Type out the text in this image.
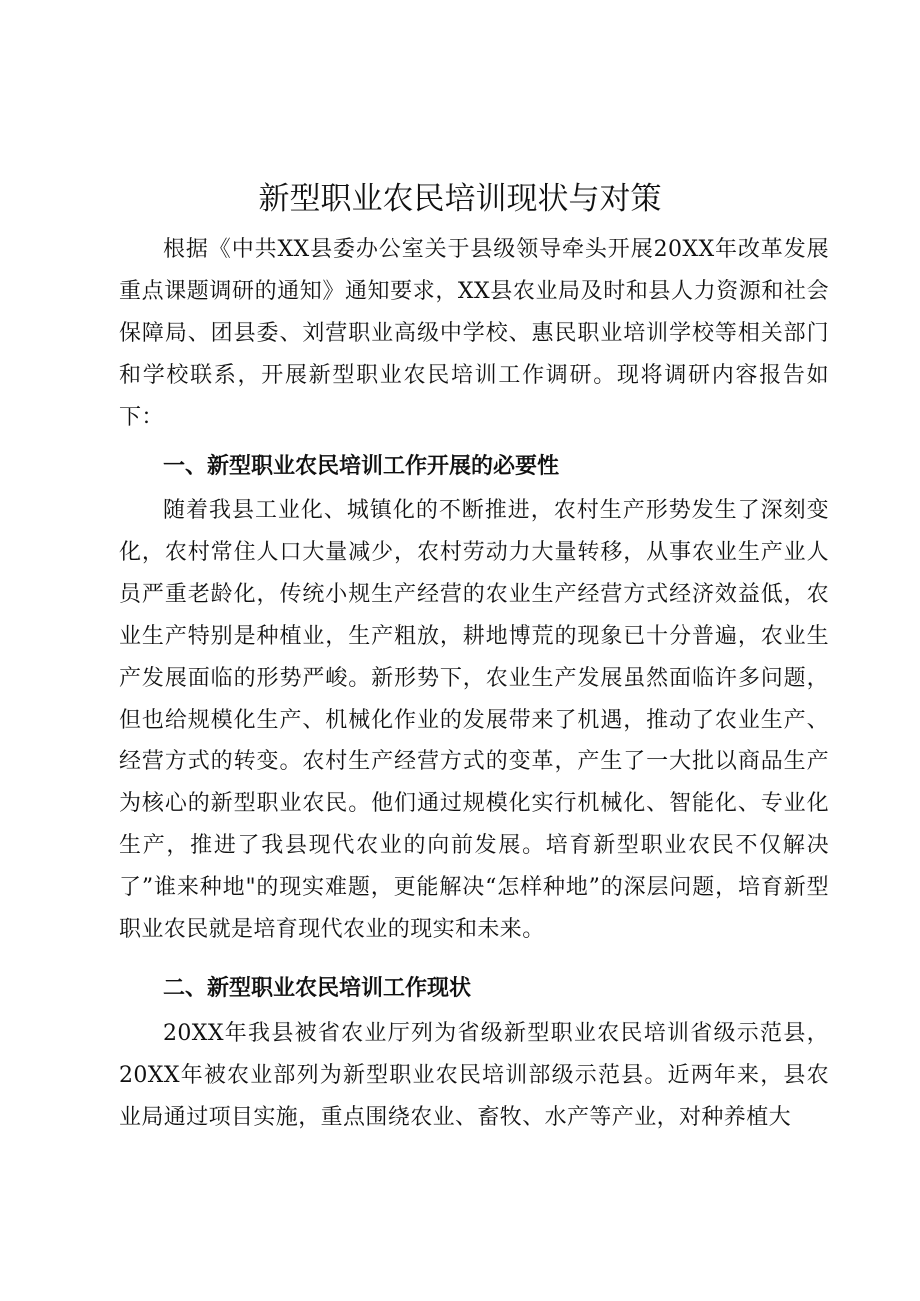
新型职业农民培训现状与对策

根据《中共XX县委办公室关于县级领导牵头开展20XX年改革发展重点课题调研的通知》通知要求，XX县农业局及时和县人力资源和社会保障局、团县委、刘营职业高级中学校、惠民职业培训学校等相关部门和学校联系，开展新型职业农民培训工作调研。现将调研内容报告如下：

一、新型职业农民培训工作开展的必要性

随着我县工业化、城镇化的不断推进，农村生产形势发生了深刻变化，农村常住人口大量减少，农村劳动力大量转移，从事农业生产业人员严重老龄化，传统小规生产经营的农业生产经营方式经济效益低，农业生产特别是种植业，生产粗放，耕地博荒的现象已十分普遍，农业生产发展面临的形势严峻。新形势下，农业生产发展虽然面临许多问题，但也给规模化生产、机械化作业的发展带来了机遇，推动了农业生产、经营方式的转变。农村生产经营方式的变革，产生了一大批以商品生产为核心的新型职业农民。他们通过规模化实行机械化、智能化、专业化生产，推进了我县现代农业的向前发展。培育新型职业农民不仅解决了”谁来种地"的现实难题，更能解决“怎样种地”的深层问题，培育新型职业农民就是培育现代农业的现实和未来。

二、新型职业农民培训工作现状

20XX年我县被省农业厅列为省级新型职业农民培训省级示范县，20XX年被农业部列为新型职业农民培训部级示范县。近两年来，县农业局通过项目实施，重点围绕农业、畜牧、水产等产业，对种养植大
